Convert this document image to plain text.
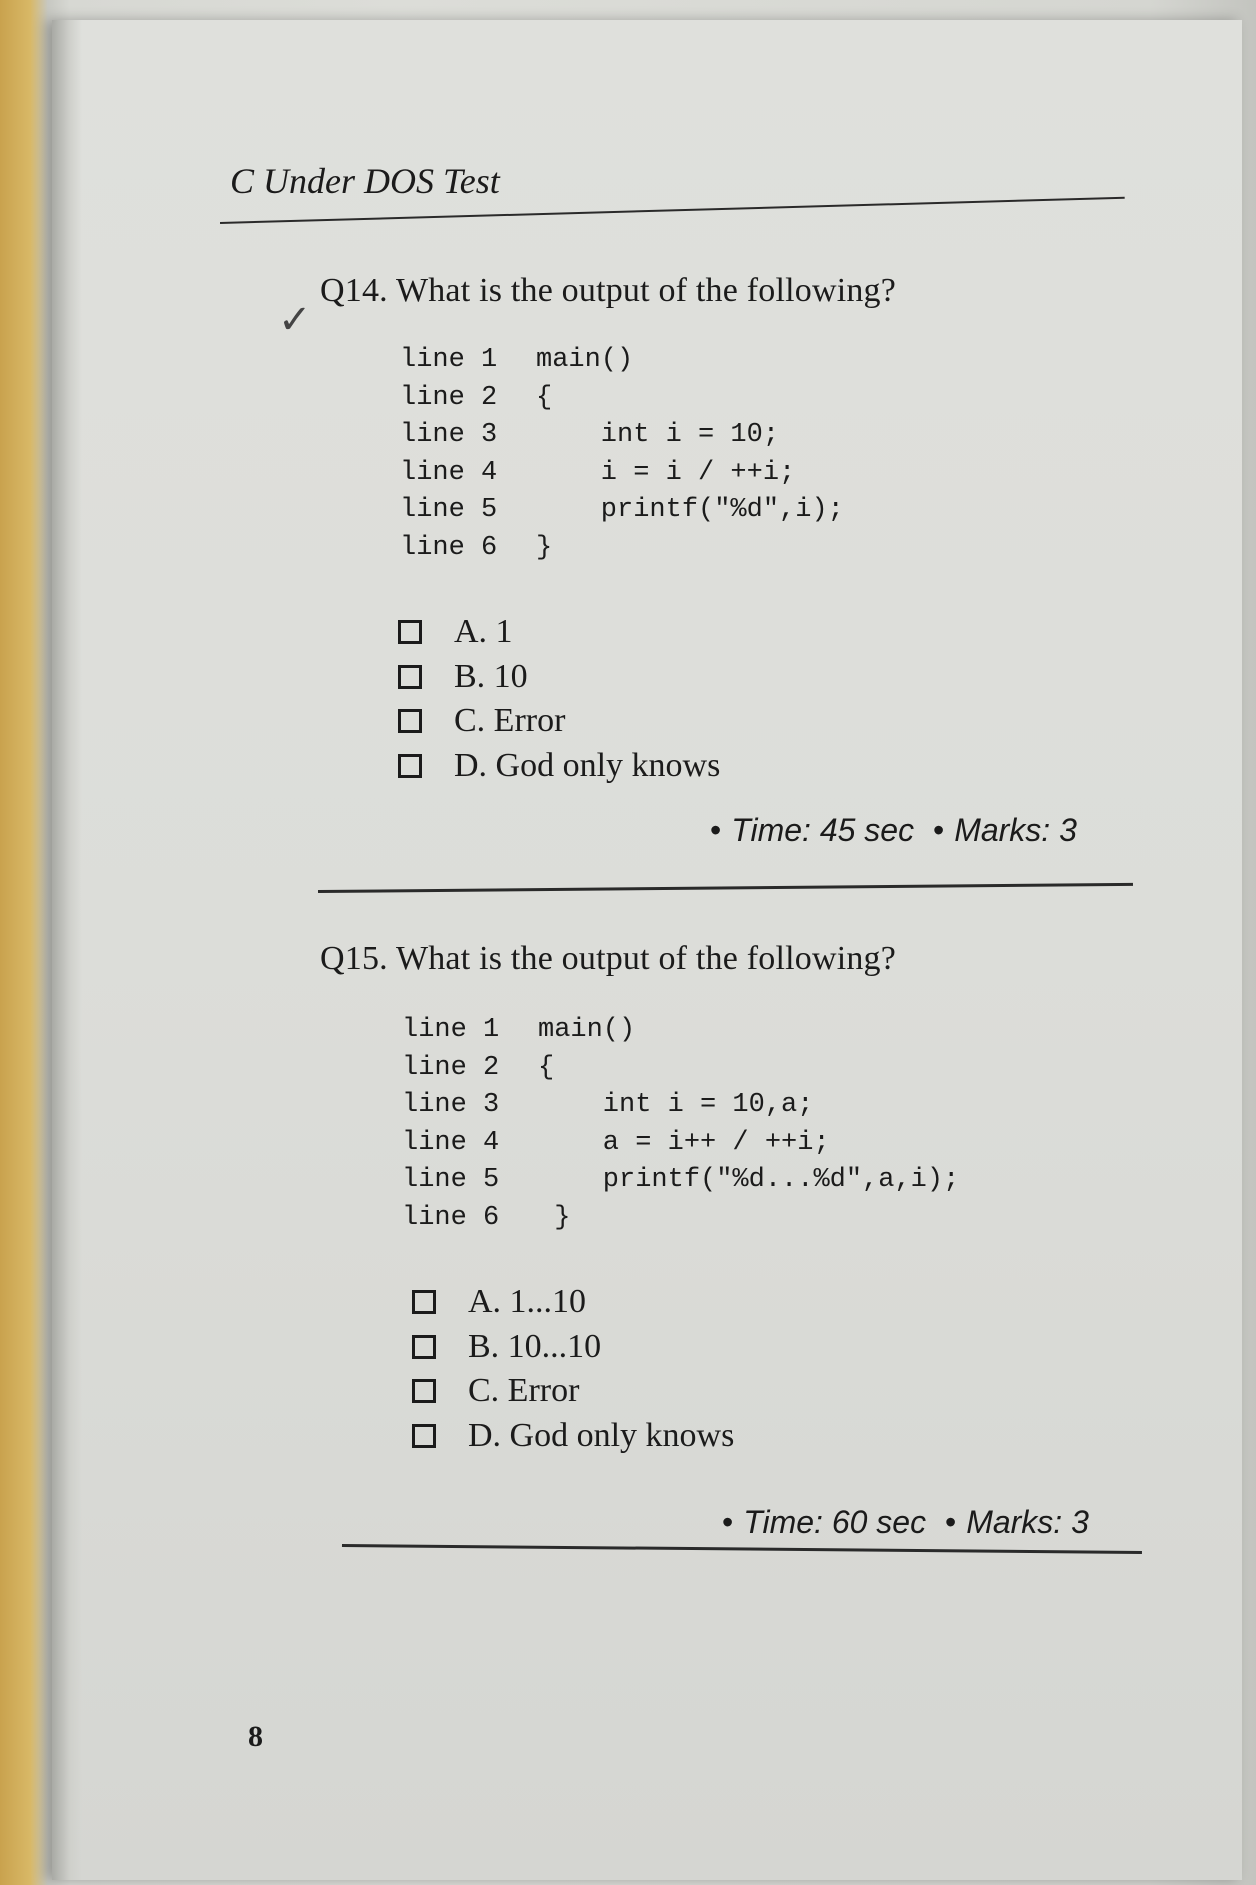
C Under DOS Test
✓
Q14. What is the output of the following?
line 1	main()
line 2	{
line 3	int i = 10;
line 4	i = i / ++i;
line 5	printf("%d",i);
line 6	}
A. 1
B. 10
C. Error
D. God only knows
• Time: 45 sec • Marks: 3
Q15. What is the output of the following?
line 1	main()
line 2	{
line 3	int i = 10,a;
line 4	a = i++ / ++i;
line 5	printf("%d...%d",a,i);
line 6	}
A. 1...10
B. 10...10
C. Error
D. God only knows
• Time: 60 sec • Marks: 3
8
